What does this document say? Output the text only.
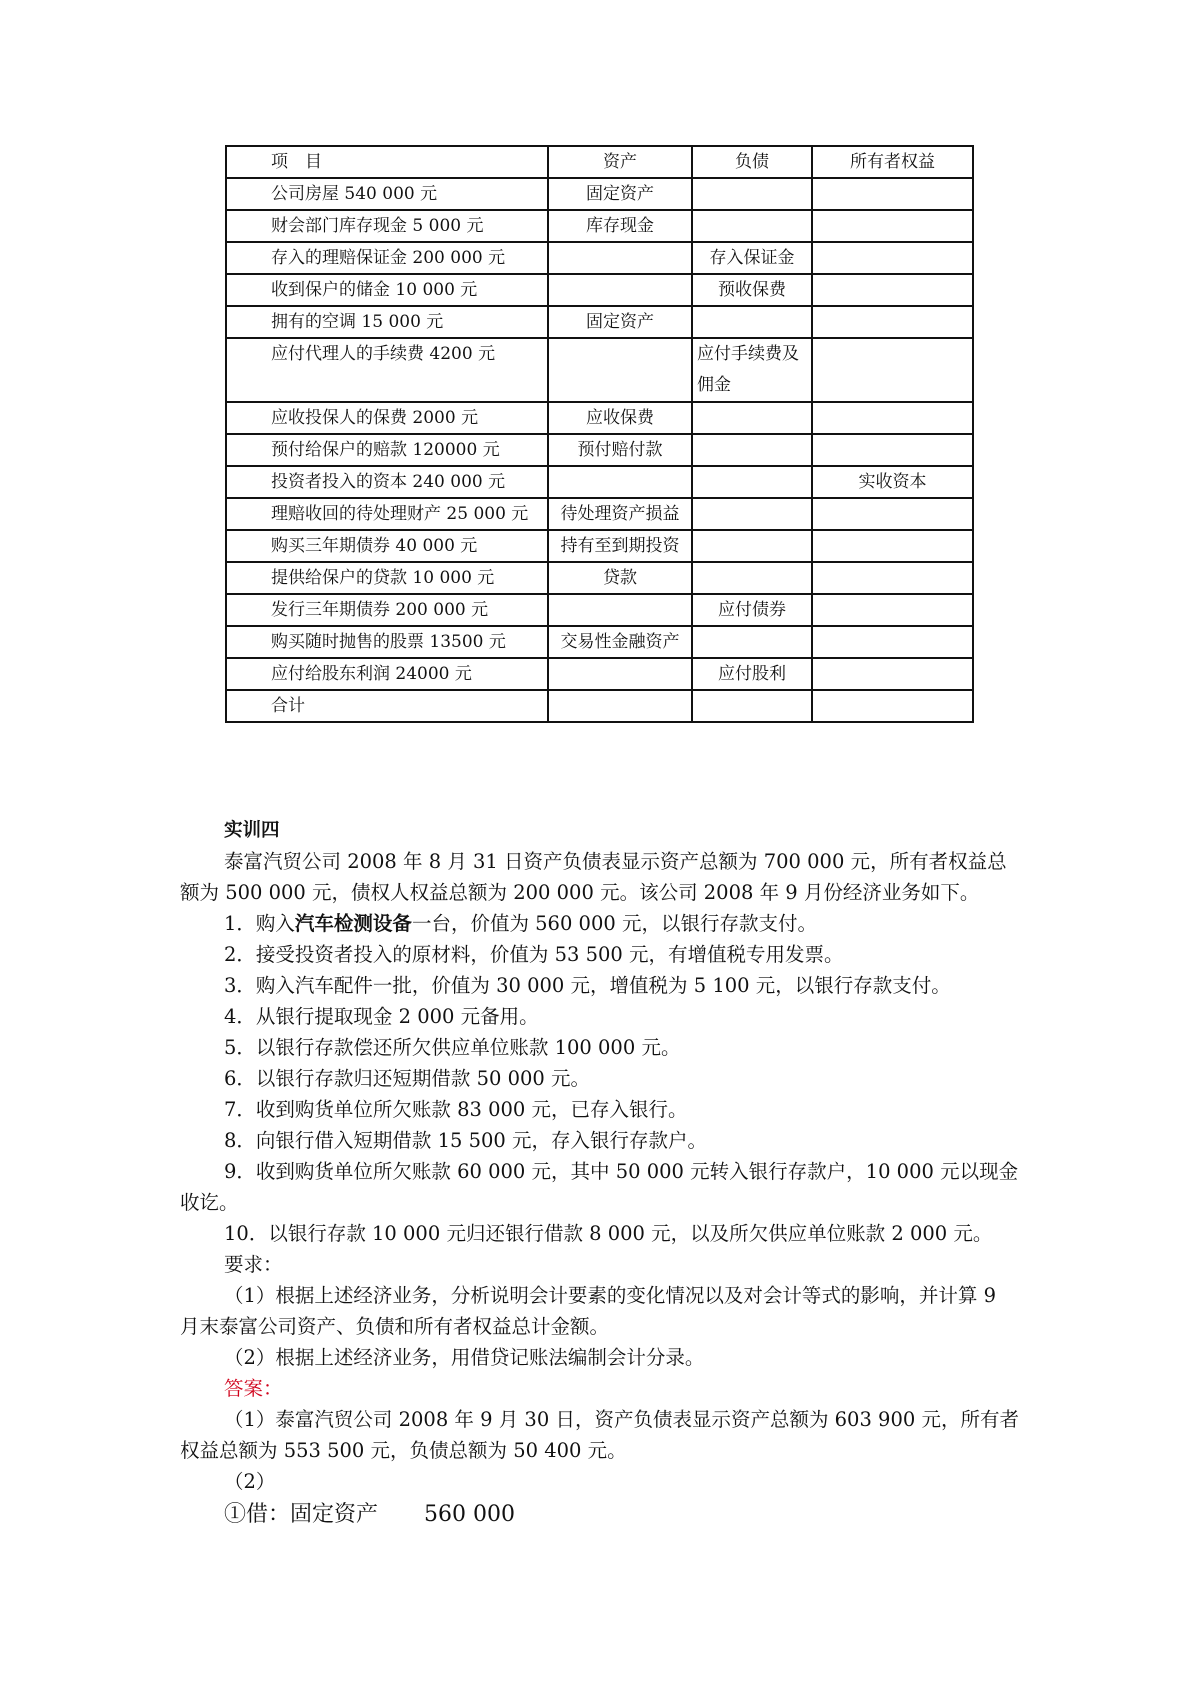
项　目	资产	负债	所有者权益
公司房屋 540 000 元	固定资产		
财会部门库存现金 5 000 元	库存现金		
存入的理赔保证金 200 000 元		存入保证金	
收到保户的储金 10 000 元		预收保费	
拥有的空调 15 000 元	固定资产		
应付代理人的手续费 4200 元		应付手续费及佣金	
应收投保人的保费 2000 元	应收保费		
预付给保户的赔款 120000 元	预付赔付款		
投资者投入的资本 240 000 元			实收资本
理赔收回的待处理财产 25 000 元	待处理资产损益		
购买三年期债券 40 000 元	持有至到期投资		
提供给保户的贷款 10 000 元	贷款		
发行三年期债券 200 000 元		应付债券	
购买随时抛售的股票 13500 元	交易性金融资产		
应付给股东利润 24000 元		应付股利	
合计			

实训四

泰富汽贸公司 2008 年 8 月 31 日资产负债表显示资产总额为 700 000 元，所有者权益总额为 500 000 元，债权人权益总额为 200 000 元。该公司 2008 年 9 月份经济业务如下。

1．购入汽车检测设备一台，价值为 560 000 元，以银行存款支付。

2．接受投资者投入的原材料，价值为 53 500 元，有增值税专用发票。

3．购入汽车配件一批，价值为 30 000 元，增值税为 5 100 元，以银行存款支付。

4．从银行提取现金 2 000 元备用。

5．以银行存款偿还所欠供应单位账款 100 000 元。

6．以银行存款归还短期借款 50 000 元。

7．收到购货单位所欠账款 83 000 元，已存入银行。

8．向银行借入短期借款 15 500 元，存入银行存款户。

9．收到购货单位所欠账款 60 000 元，其中 50 000 元转入银行存款户，10 000 元以现金收讫。

10．以银行存款 10 000 元归还银行借款 8 000 元，以及所欠供应单位账款 2 000 元。

要求：

（1）根据上述经济业务，分析说明会计要素的变化情况以及对会计等式的影响，并计算 9 月末泰富公司资产、负债和所有者权益总计金额。

（2）根据上述经济业务，用借贷记账法编制会计分录。

答案：

（1）泰富汽贸公司 2008 年 9 月 30 日，资产负债表显示资产总额为 603 900 元，所有者权益总额为 553 500 元，负债总额为 50 400 元。

（2）

①借：固定资产 560 000
